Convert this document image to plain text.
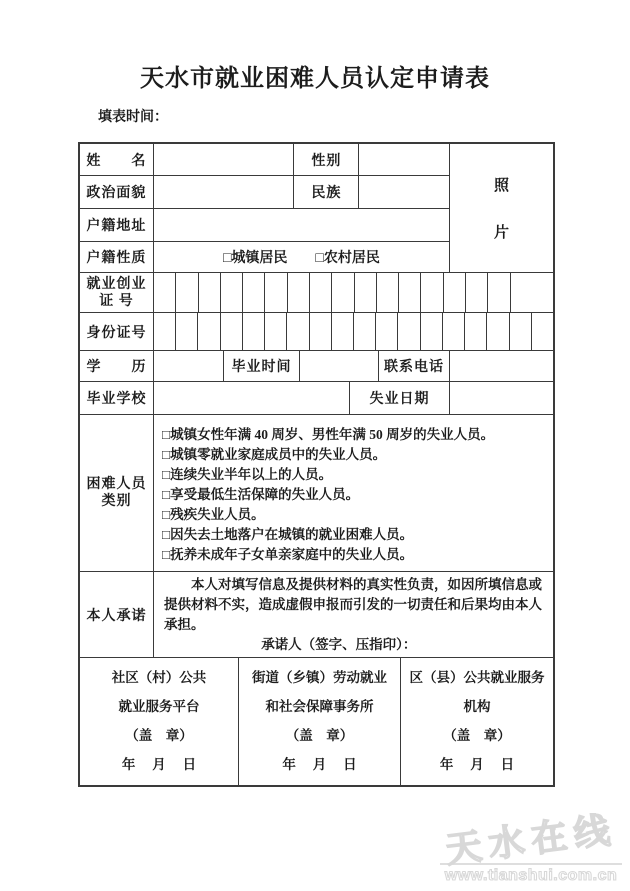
天水市就业困难人员认定申请表
填表时间：
姓　　名	性别
政治面貌	民族
户籍地址
户籍性质	□城镇居民　　□农村居民
照
片
就业创业
证 号
身份证号
学　　历	毕业时间	联系电话
毕业学校	失业日期
困难人员
类别
□城镇女性年满 40 周岁、男性年满 50 周岁的失业人员。
□城镇零就业家庭成员中的失业人员。
□连续失业半年以上的人员。
□享受最低生活保障的失业人员。
□残疾失业人员。
□因失去土地落户在城镇的就业困难人员。
□抚养未成年子女单亲家庭中的失业人员。
本人承诺
本人对填写信息及提供材料的真实性负责，如因所填信息或提供材料不实，造成虚假申报而引发的一切责任和后果均由本人承担。
承诺人（签字、压指印）：
社区（村）公共
就业服务平台
（盖　章）
年　 月　 日
街道（乡镇）劳动就业
和社会保障事务所
（盖　章）
年　 月　 日
区（县）公共就业服务
机构
（盖　章）
年　 月　 日
天水在线
www.tianshui.com.cn
